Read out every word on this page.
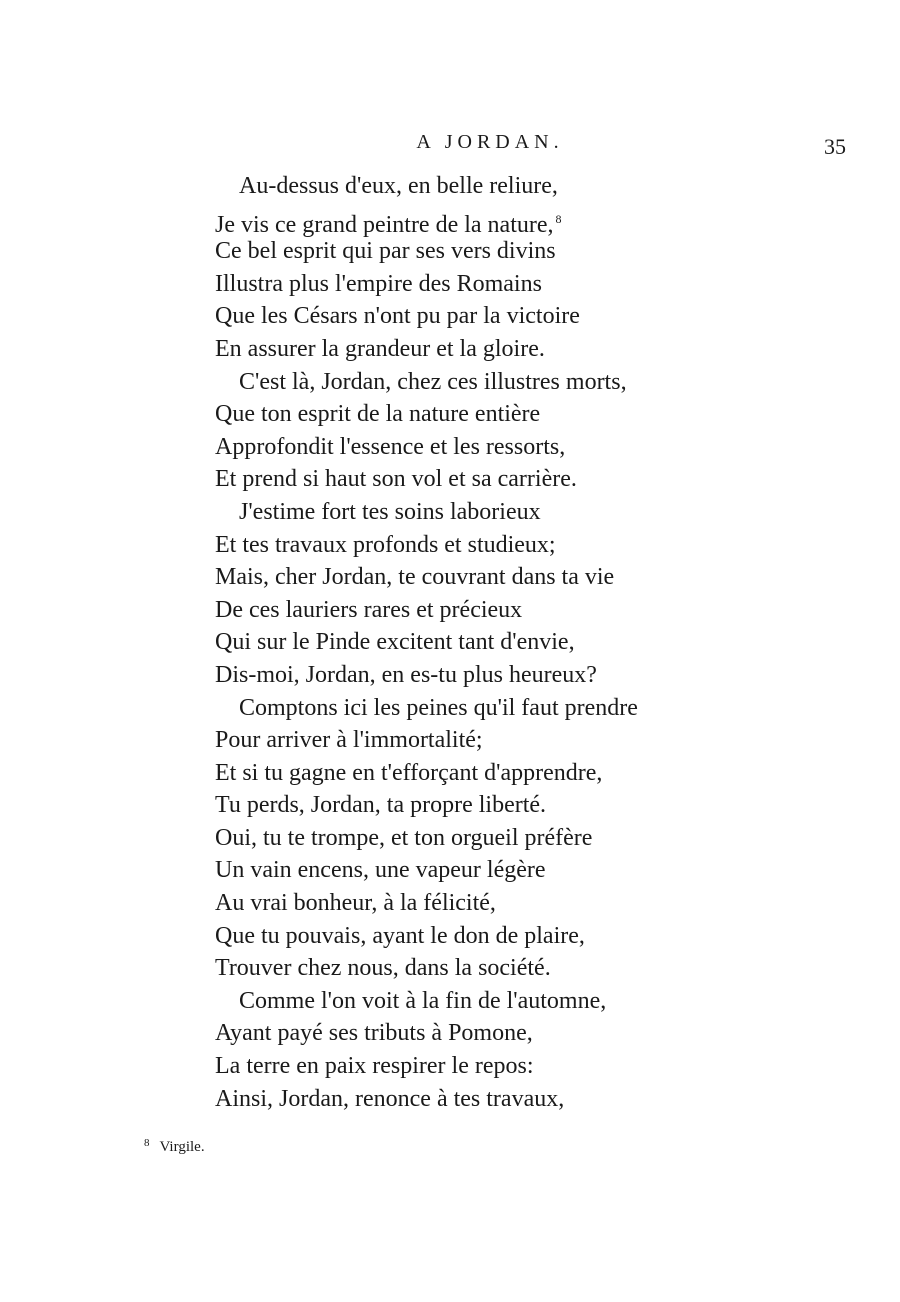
A JORDAN.	35
Au-dessus d'eux, en belle reliure,
Je vis ce grand peintre de la nature, $^8$
Ce bel esprit qui par ses vers divins
Illustra plus l'empire des Romains
Que les Césars n'ont pu par la victoire
En assurer la grandeur et la gloire.
C'est là, Jordan, chez ces illustres morts,
Que ton esprit de la nature entière
Approfondit l'essence et les ressorts,
Et prend si haut son vol et sa carrière.
J'estime fort tes soins laborieux
Et tes travaux profonds et studieux;
Mais, cher Jordan, te couvrant dans ta vie
De ces lauriers rares et précieux
Qui sur le Pinde excitent tant d'envie,
Dis-moi, Jordan, en es-tu plus heureux?
Comptons ici les peines qu'il faut prendre
Pour arriver à l'immortalité;
Et si tu gagne en t'efforçant d'apprendre,
Tu perds, Jordan, ta propre liberté.
Oui, tu te trompe, et ton orgueil préfère
Un vain encens, une vapeur légère
Au vrai bonheur, à la félicité,
Que tu pouvais, ayant le don de plaire,
Trouver chez nous, dans la société.
Comme l'on voit à la fin de l'automne,
Ayant payé ses tributs à Pomone,
La terre en paix respirer le repos:
Ainsi, Jordan, renonce à tes travaux,
$^8$ Virgile.
